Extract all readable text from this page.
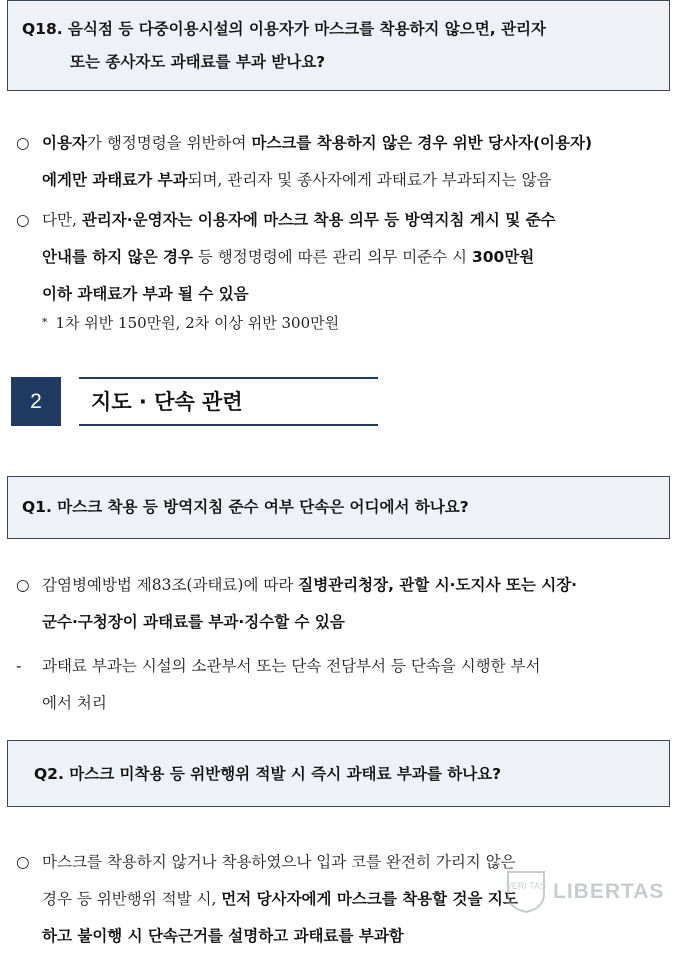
Q18. 음식점 등 다중이용시설의 이용자가 마스크를 착용하지 않으면, 관리자
또는 종사자도 과태료를 부과 받나요?
○ 이용자가 행정명령을 위반하여 마스크를 착용하지 않은 경우 위반 당사자(이용자)
에게만 과태료가 부과되며, 관리자 및 종사자에게 과태료가 부과되지는 않음
○ 다만, 관리자·운영자는 이용자에 마스크 착용 의무 등 방역지침 게시 및 준수
안내를 하지 않은 경우 등 행정명령에 따른 관리 의무 미준수 시 300만원
이하 과태료가 부과 될 수 있음
* 1차 위반 150만원, 2차 이상 위반 300만원
2	지도 · 단속 관련
Q1. 마스크 착용 등 방역지침 준수 여부 단속은 어디에서 하나요?
○ 감염병예방법 제83조(과태료)에 따라 질병관리청장, 관할 시·도지사 또는 시장·
군수·구청장이 과태료를 부과·징수할 수 있음
- 과태료 부과는 시설의 소관부서 또는 단속 전담부서 등 단속을 시행한 부서
에서 처리
Q2. 마스크 미착용 등 위반행위 적발 시 즉시 과태료 부과를 하나요?
○ 마스크를 착용하지 않거나 착용하였으나 입과 코를 완전히 가리지 않은
경우 등 위반행위 적발 시, 먼저 당사자에게 마스크를 착용할 것을 지도
하고 불이행 시 단속근거를 설명하고 과태료를 부과함
VERI TAS LIBERTAS
